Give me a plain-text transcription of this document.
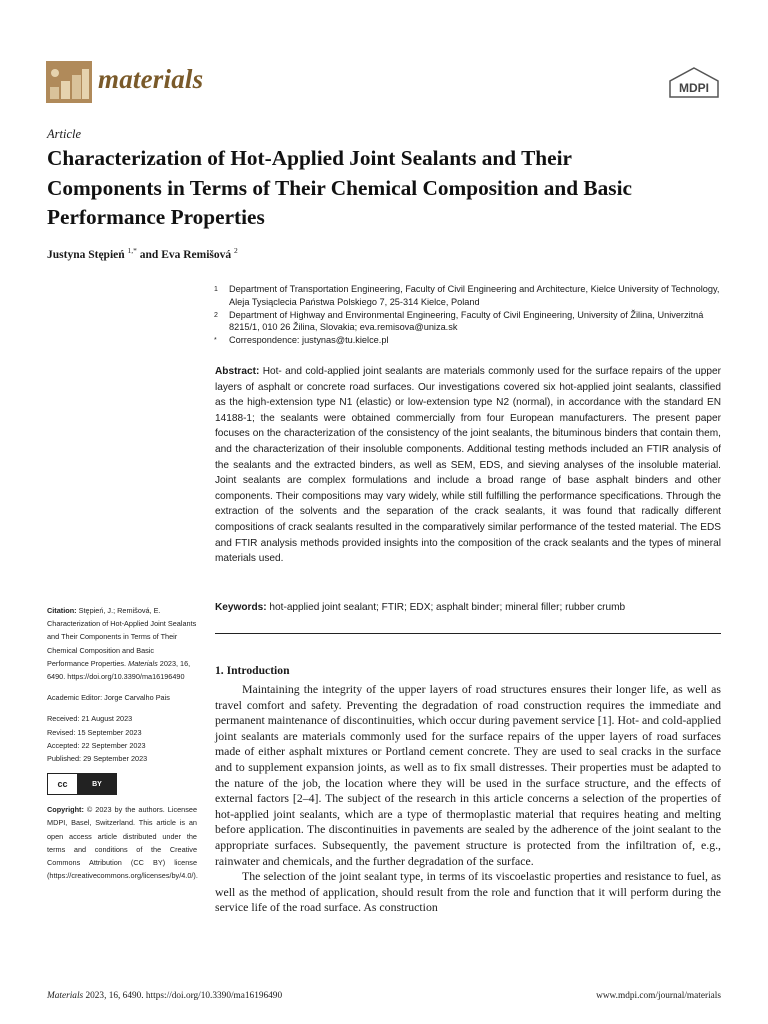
materials	MDPI
Article
Characterization of Hot-Applied Joint Sealants and Their Components in Terms of Their Chemical Composition and Basic Performance Properties
Justyna Stępień $^{1,*}$ and Eva Remišová $^2$
1	Department of Transportation Engineering, Faculty of Civil Engineering and Architecture, Kielce University of Technology, Aleja Tysiąclecia Państwa Polskiego 7, 25-314 Kielce, Poland
2	Department of Highway and Environmental Engineering, Faculty of Civil Engineering, University of Žilina, Univerzitná 8215/1, 010 26 Žilina, Slovakia; eva.remisova@uniza.sk
*	Correspondence: justynas@tu.kielce.pl
Abstract: Hot- and cold-applied joint sealants are materials commonly used for the surface repairs of the upper layers of asphalt or concrete road surfaces. Our investigations covered six hot-applied joint sealants, classified as the high-extension type N1 (elastic) or low-extension type N2 (normal), in accordance with the standard EN 14188-1; the sealants were obtained commercially from four European manufacturers. The present paper focuses on the characterization of the consistency of the joint sealants, the bituminous binders that contain them, and the characterization of their insoluble components. Additional testing methods included an FTIR analysis of the sealants and the extracted binders, as well as SEM, EDS, and sieving analyses of the insoluble material. Joint sealants are complex formulations and include a broad range of base asphalt binders and other components. Their compositions may vary widely, while still fulfilling the performance specifications. Through the extraction of the solvents and the separation of the crack sealants, it was found that radically different compositions of crack sealants resulted in the comparatively similar performance of the tested material. The EDS and FTIR analysis methods provided insights into the composition of the crack sealants and the types of mineral materials used.
Keywords: hot-applied joint sealant; FTIR; EDX; asphalt binder; mineral filler; rubber crumb
Citation: Stępień, J.; Remišová, E. Characterization of Hot-Applied Joint Sealants and Their Components in Terms of Their Chemical Composition and Basic Performance Properties. Materials 2023, 16, 6490. https://doi.org/10.3390/ma16196490
Academic Editor: Jorge Carvalho Pais
Received: 21 August 2023
Revised: 15 September 2023
Accepted: 22 September 2023
Published: 29 September 2023
cc	BY
Copyright: © 2023 by the authors. Licensee MDPI, Basel, Switzerland. This article is an open access article distributed under the terms and conditions of the Creative Commons Attribution (CC BY) license (https://creativecommons.org/licenses/by/4.0/).
1. Introduction

Maintaining the integrity of the upper layers of road structures ensures their longer life, as well as travel comfort and safety. Preventing the degradation of road construction requires the immediate and permanent maintenance of discontinuities, which occur during pavement service [1]. Hot- and cold-applied joint sealants are materials commonly used for the surface repairs of the upper layers of road surfaces made of either asphalt mixtures or Portland cement concrete. They are used to seal cracks in the surface and to supplement expansion joints, as well as to fix small distresses. Their properties must be adapted to the nature of the job, the location where they will be used in the surface structure, and the effects of external factors [2–4]. The subject of the research in this article concerns a selection of the properties of hot-applied joint sealants, which are a type of thermoplastic material that requires heating and melting before application. The discontinuities in pavements are sealed by the adherence of the joint sealant to the appropriate surfaces. Subsequently, the pavement structure is protected from the infiltration of, e.g., rainwater and chemicals, and the further degradation of the surface.

The selection of the joint sealant type, in terms of its viscoelastic properties and resistance to fuel, as well as the method of application, should result from the role and function that it will perform during the service life of the road surface. As construction

Materials 2023, 16, 6490. https://doi.org/10.3390/ma16196490	www.mdpi.com/journal/materials
